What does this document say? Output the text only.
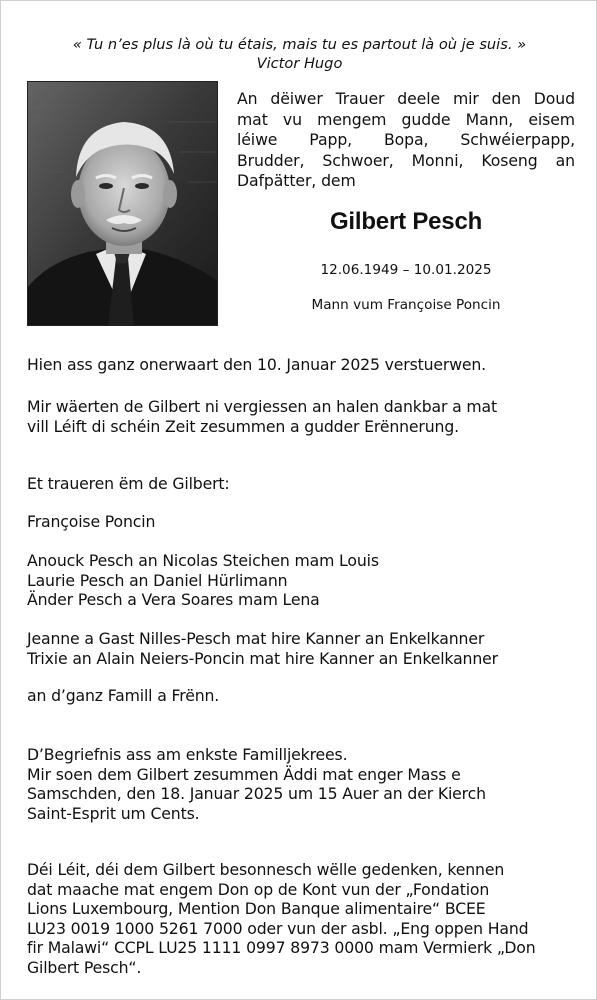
« Tu n’es plus là où tu étais, mais tu es partout là où je suis. »
Victor Hugo
An dëiwer Trauer deele mir den Doud
mat vu mengem gudde Mann, eisem
léiwe Papp, Bopa, Schwéierpapp,
Brudder, Schwoer, Monni, Koseng an
Dafpätter, dem
Gilbert Pesch
12.06.1949 – 10.01.2025
Mann vum Françoise Poncin
Hien ass ganz onerwaart den 10. Januar 2025 verstuerwen.
Mir wäerten de Gilbert ni vergiessen an halen dankbar a mat
vill Léift di schéin Zeit zesummen a gudder Erënnerung.
Et traueren ëm de Gilbert:
Françoise Poncin
Anouck Pesch an Nicolas Steichen mam Louis
Laurie Pesch an Daniel Hürlimann
Änder Pesch a Vera Soares mam Lena
Jeanne a Gast Nilles-Pesch mat hire Kanner an Enkelkanner
Trixie an Alain Neiers-Poncin mat hire Kanner an Enkelkanner
an d’ganz Famill a Frënn.
D’Begriefnis ass am enkste Familljekrees.
Mir soen dem Gilbert zesummen Äddi mat enger Mass e
Samschden, den 18. Januar 2025 um 15 Auer an der Kierch
Saint-Esprit um Cents.
Déi Léit, déi dem Gilbert besonnesch wëlle gedenken, kennen
dat maache mat engem Don op de Kont vun der „Fondation
Lions Luxembourg, Mention Don Banque alimentaire“ BCEE
LU23 0019 1000 5261 7000 oder vun der asbl. „Eng oppen Hand
fir Malawi“ CCPL LU25 1111 0997 8973 0000 mam Vermierk „Don
Gilbert Pesch“.
